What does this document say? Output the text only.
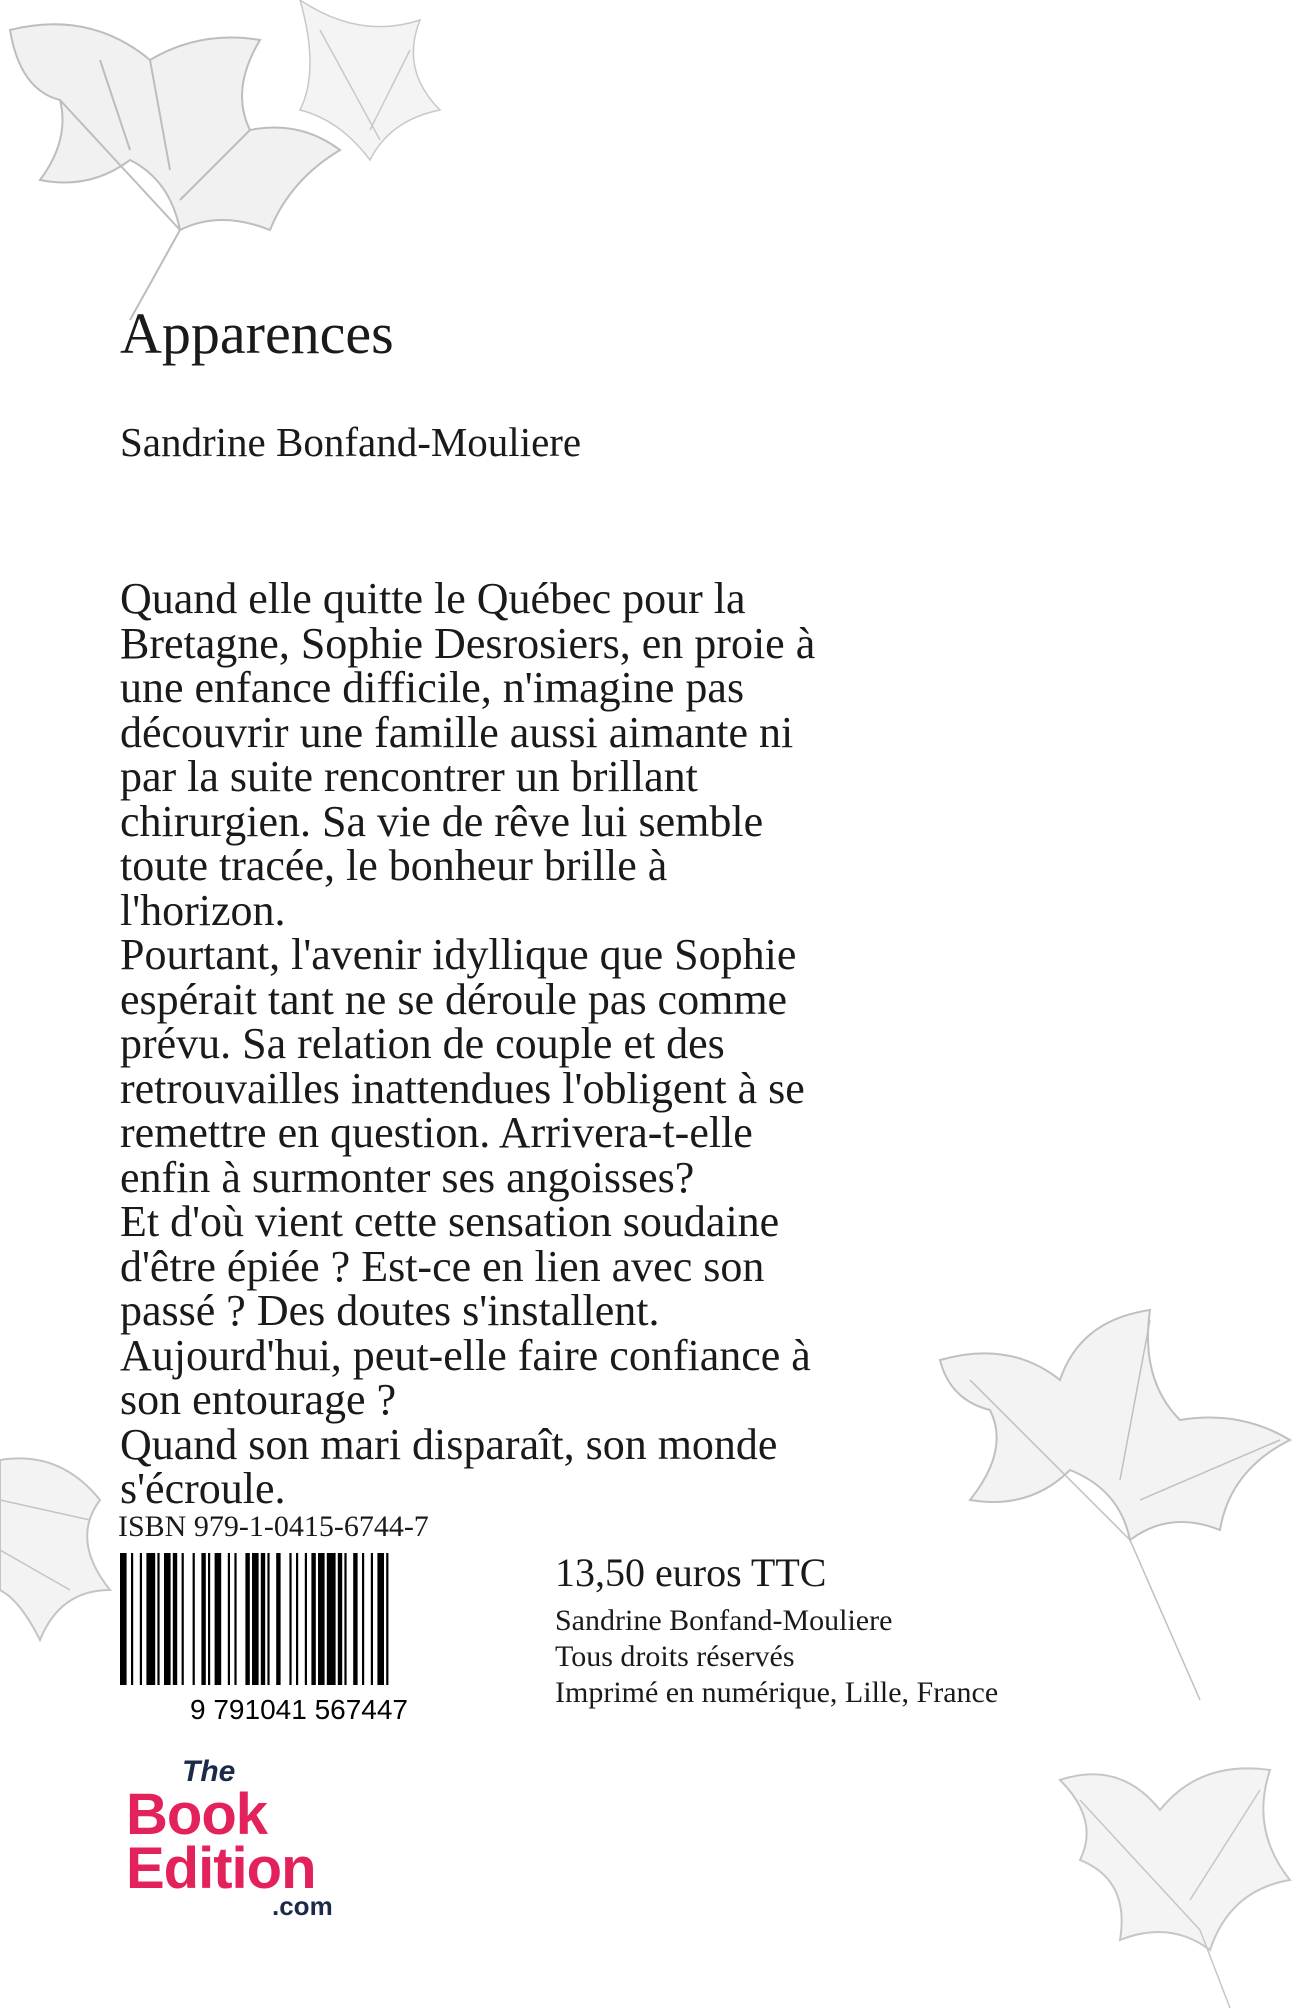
Apparences

Sandrine Bonfand-Mouliere

Quand elle quitte le Québec pour la
Bretagne, Sophie Desrosiers, en proie à
une enfance difficile, n'imagine pas
découvrir une famille aussi aimante ni
par la suite rencontrer un brillant
chirurgien. Sa vie de rêve lui semble
toute tracée, le bonheur brille à
l'horizon.
Pourtant, l'avenir idyllique que Sophie
espérait tant ne se déroule pas comme
prévu. Sa relation de couple et des
retrouvailles inattendues l'obligent à se
remettre en question. Arrivera-t-elle
enfin à surmonter ses angoisses?
Et d'où vient cette sensation soudaine
d'être épiée ? Est-ce en lien avec son
passé ? Des doutes s'installent.
Aujourd'hui, peut-elle faire confiance à
son entourage ?
Quand son mari disparaît, son monde
s'écroule.
ISBN 979-1-0415-6744-7
9 791041 567447
13,50 euros TTC
Sandrine Bonfand-Mouliere
Tous droits réservés
Imprimé en numérique, Lille, France
The
Book
Edition
.com
